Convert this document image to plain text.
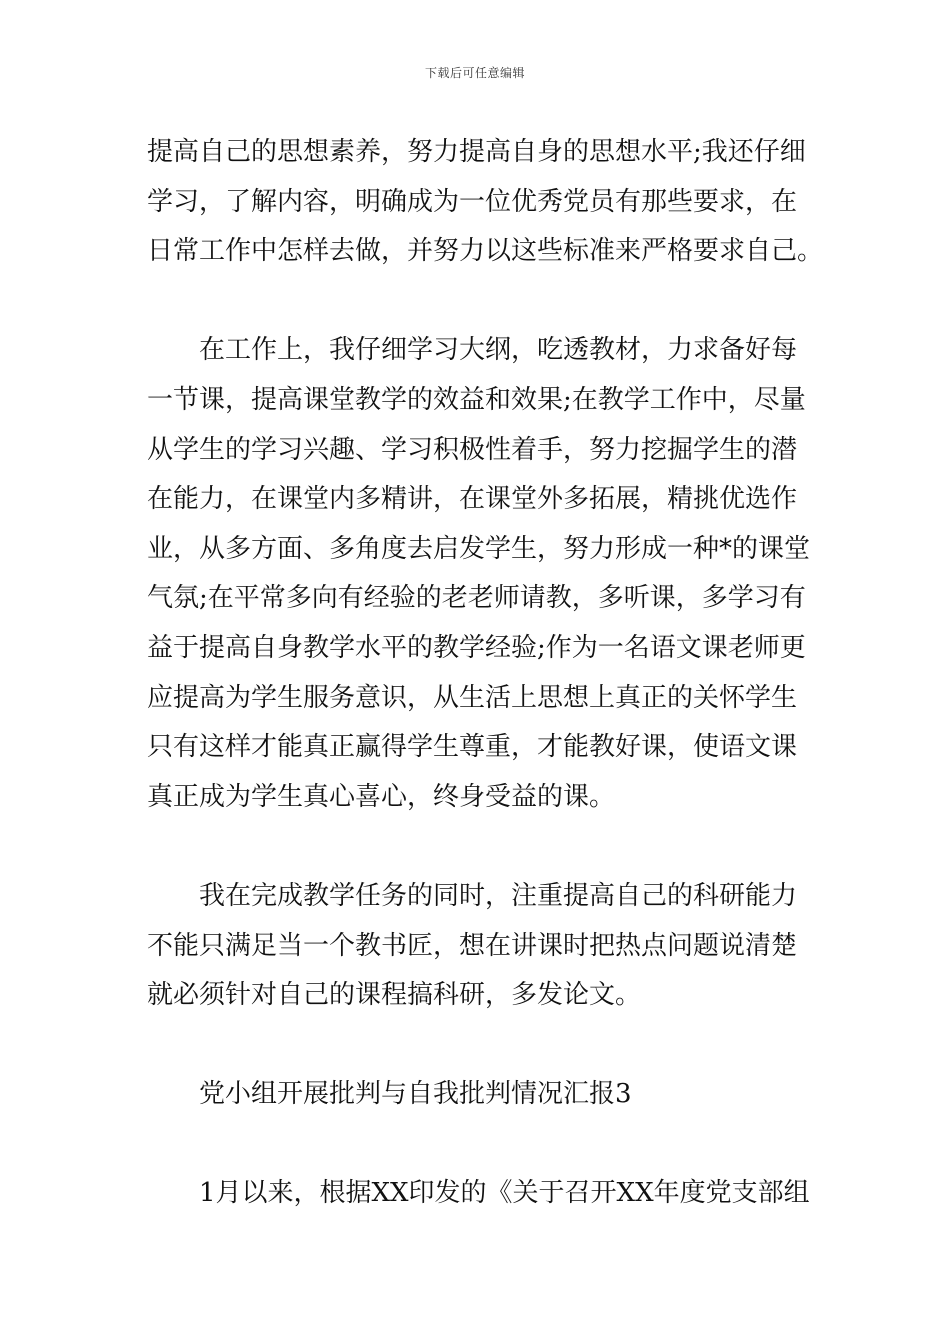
下载后可任意编辑
提高自己的思想素养，努力提高自身的思想水平;我还仔细
学习，了解内容，明确成为一位优秀党员有那些要求，在
日常工作中怎样去做，并努力以这些标准来严格要求自己。
在工作上，我仔细学习大纲，吃透教材，力求备好每
一节课，提高课堂教学的效益和效果;在教学工作中，尽量
从学生的学习兴趣、学习积极性着手，努力挖掘学生的潜
在能力，在课堂内多精讲，在课堂外多拓展，精挑优选作
业，从多方面、多角度去启发学生，努力形成一种*的课堂
气氛;在平常多向有经验的老老师请教，多听课，多学习有
益于提高自身教学水平的教学经验;作为一名语文课老师更
应提高为学生服务意识，从生活上思想上真正的关怀学生
只有这样才能真正赢得学生尊重，才能教好课，使语文课
真正成为学生真心喜心，终身受益的课。
我在完成教学任务的同时，注重提高自己的科研能力
不能只满足当一个教书匠，想在讲课时把热点问题说清楚
就必须针对自己的课程搞科研，多发论文。
党小组开展批判与自我批判情况汇报3
1月以来，根据XX印发的《关于召开XX年度党支部组
